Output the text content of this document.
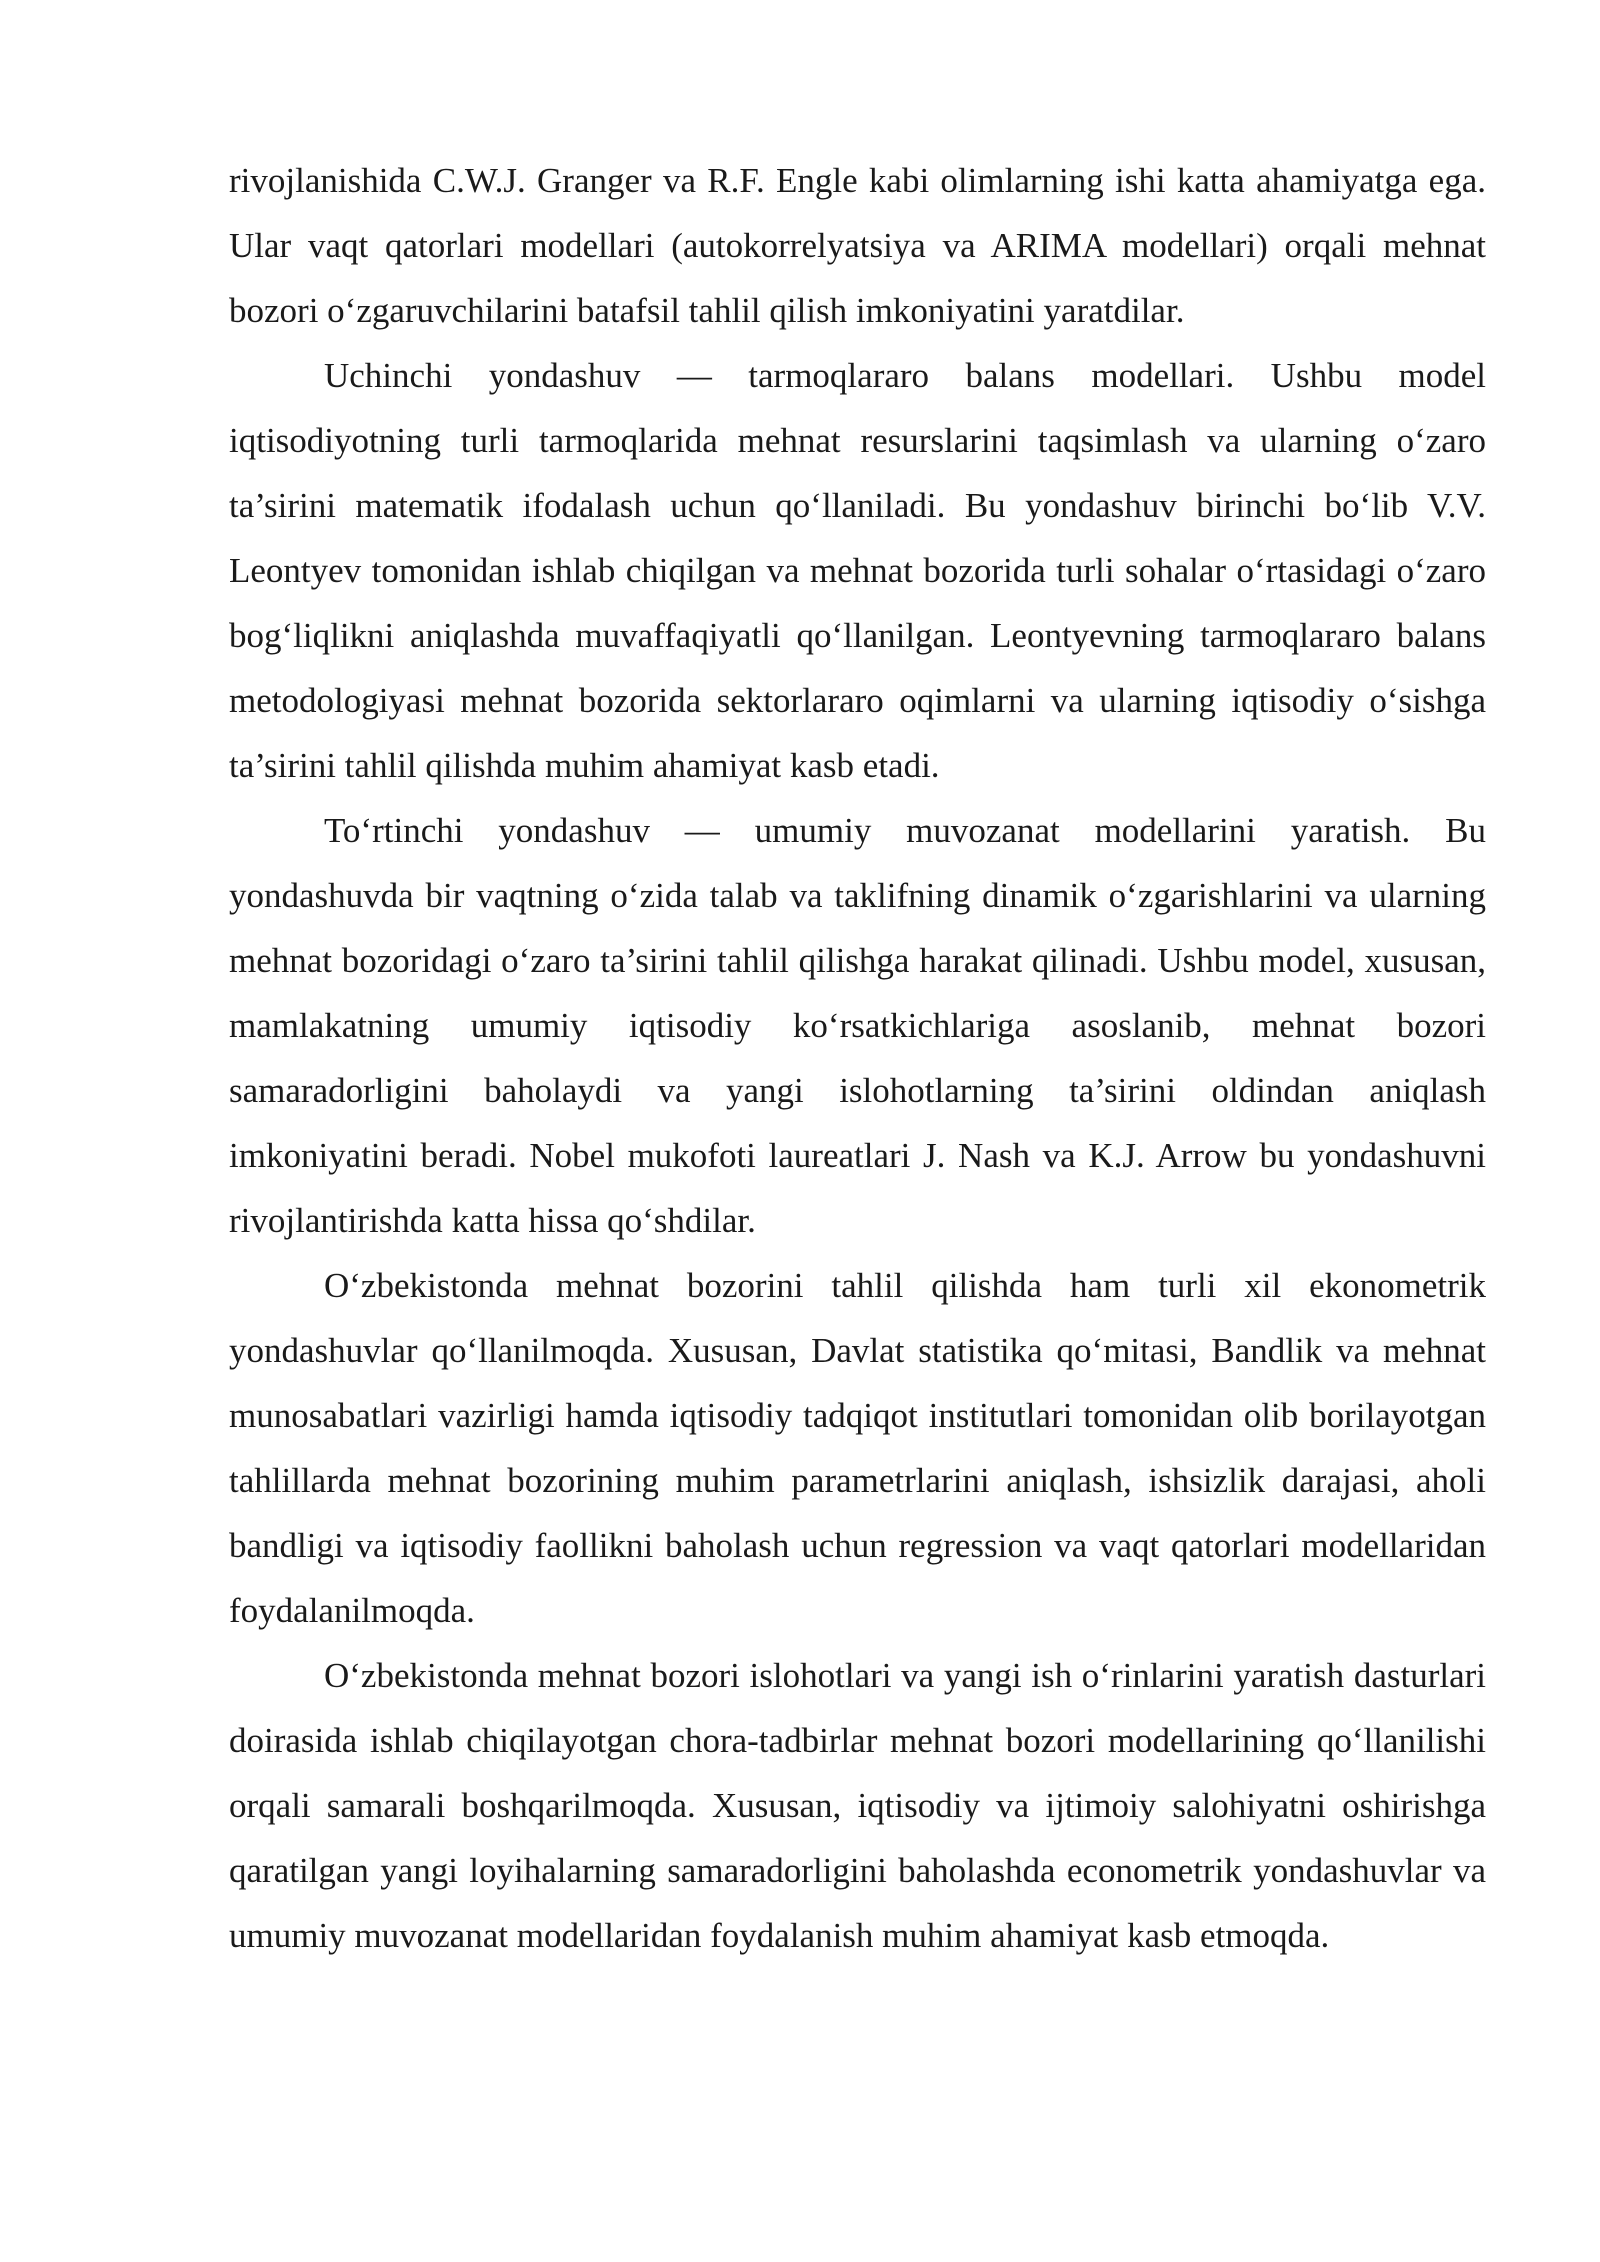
rivojlanishida C.W.J. Granger va R.F. Engle kabi olimlarning ishi katta ahamiyatga ega. Ular vaqt qatorlari modellari (autokorrelyatsiya va ARIMA modellari) orqali mehnat bozori o‘zgaruvchilarini batafsil tahlil qilish imkoniyatini yaratdilar.

Uchinchi yondashuv — tarmoqlararo balans modellari. Ushbu model iqtisodiyotning turli tarmoqlarida mehnat resurslarini taqsimlash va ularning o‘zaro ta’sirini matematik ifodalash uchun qo‘llaniladi. Bu yondashuv birinchi bo‘lib V.V. Leontyev tomonidan ishlab chiqilgan va mehnat bozorida turli sohalar o‘rtasidagi o‘zaro bog‘liqlikni aniqlashda muvaffaqiyatli qo‘llanilgan. Leontyevning tarmoqlararo balans metodologiyasi mehnat bozorida sektorlararo oqimlarni va ularning iqtisodiy o‘sishga ta’sirini tahlil qilishda muhim ahamiyat kasb etadi.

To‘rtinchi yondashuv — umumiy muvozanat modellarini yaratish. Bu yondashuvda bir vaqtning o‘zida talab va taklifning dinamik o‘zgarishlarini va ularning mehnat bozoridagi o‘zaro ta’sirini tahlil qilishga harakat qilinadi. Ushbu model, xususan, mamlakatning umumiy iqtisodiy ko‘rsatkichlariga asoslanib, mehnat bozori samaradorligini baholaydi va yangi islohotlarning ta’sirini oldindan aniqlash imkoniyatini beradi. Nobel mukofoti laureatlari J. Nash va K.J. Arrow bu yondashuvni rivojlantirishda katta hissa qo‘shdilar.

O‘zbekistonda mehnat bozorini tahlil qilishda ham turli xil ekonometrik yondashuvlar qo‘llanilmoqda. Xususan, Davlat statistika qo‘mitasi, Bandlik va mehnat munosabatlari vazirligi hamda iqtisodiy tadqiqot institutlari tomonidan olib borilayotgan tahlillarda mehnat bozorining muhim parametrlarini aniqlash, ishsizlik darajasi, aholi bandligi va iqtisodiy faollikni baholash uchun regression va vaqt qatorlari modellaridan foydalanilmoqda.

O‘zbekistonda mehnat bozori islohotlari va yangi ish o‘rinlarini yaratish dasturlari doirasida ishlab chiqilayotgan chora-tadbirlar mehnat bozori modellarining qo‘llanilishi orqali samarali boshqarilmoqda. Xususan, iqtisodiy va ijtimoiy salohiyatni oshirishga qaratilgan yangi loyihalarning samaradorligini baholashda econometrik yondashuvlar va umumiy muvozanat modellaridan foydalanish muhim ahamiyat kasb etmoqda.
